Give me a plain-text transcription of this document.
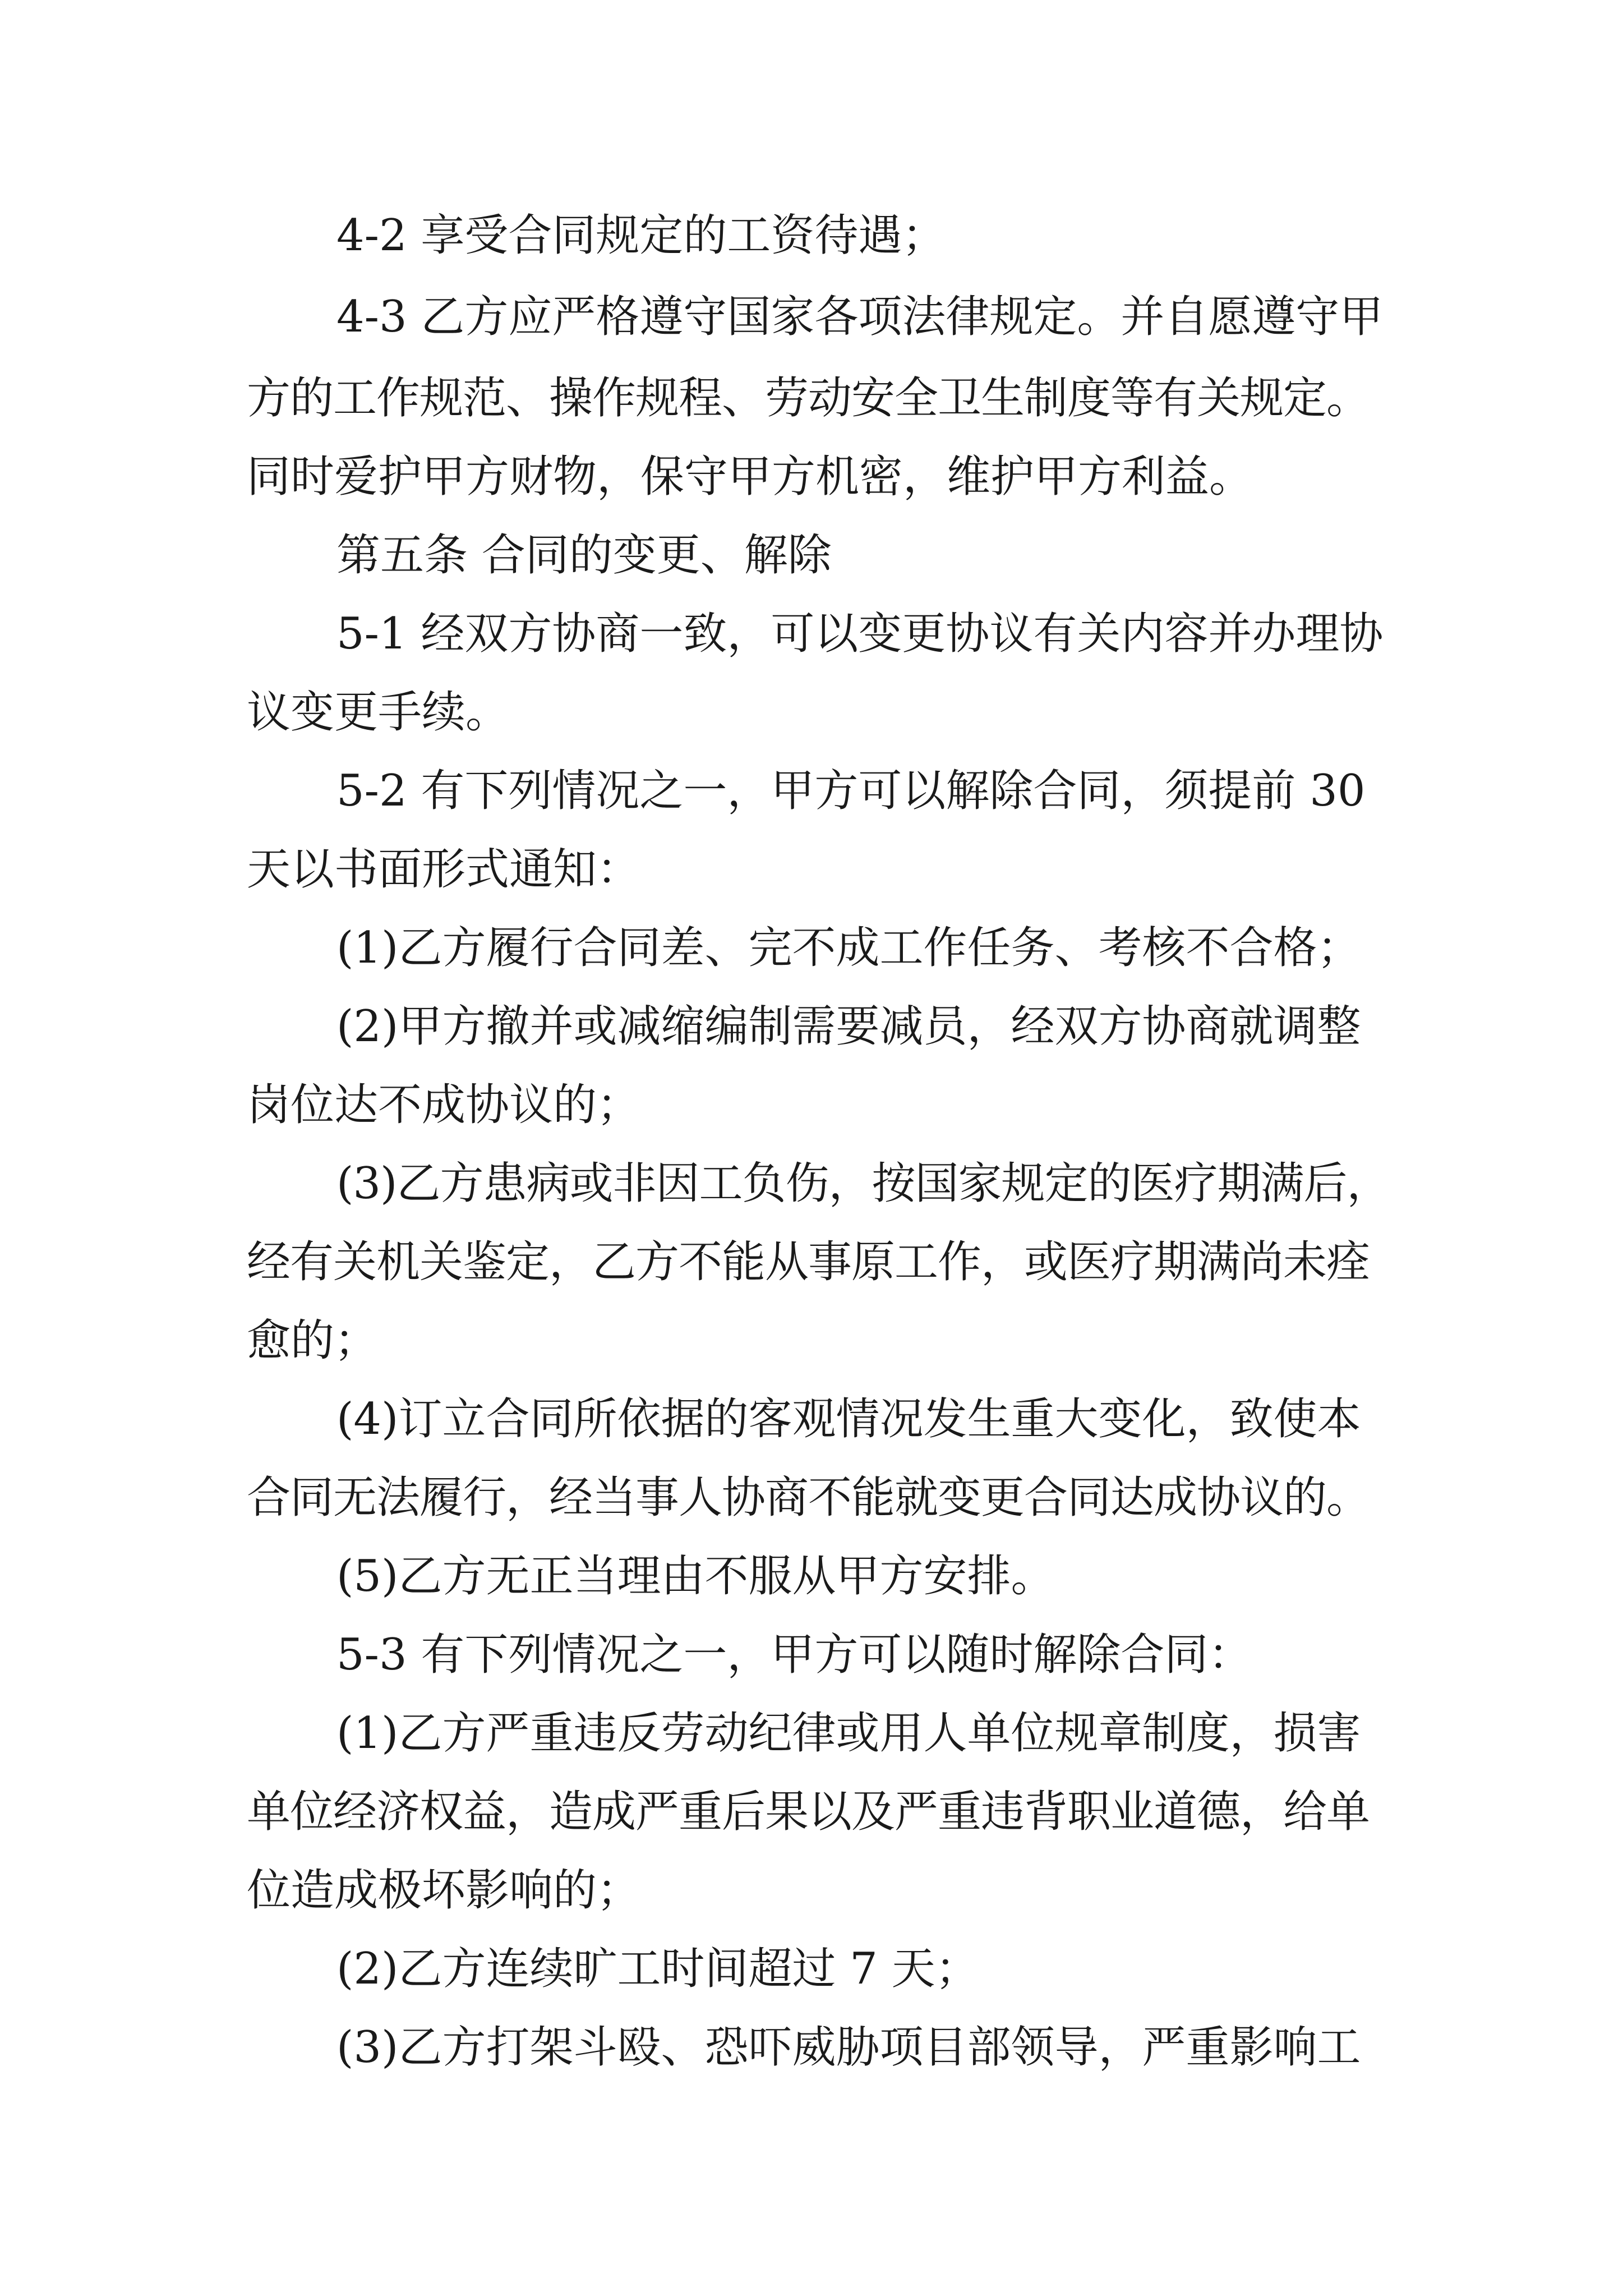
4-2 享受合同规定的工资待遇；
4-3 乙方应严格遵守国家各项法律规定。并自愿遵守甲
方的工作规范、操作规程、劳动安全卫生制度等有关规定。
同时爱护甲方财物，保守甲方机密，维护甲方利益。
第五条 合同的变更、解除
5-1 经双方协商一致，可以变更协议有关内容并办理协
议变更手续。
5-2 有下列情况之一，甲方可以解除合同，须提前 30
天以书面形式通知：
(1)乙方履行合同差、完不成工作任务、考核不合格；
(2)甲方撤并或减缩编制需要减员，经双方协商就调整
岗位达不成协议的；
(3)乙方患病或非因工负伤，按国家规定的医疗期满后，
经有关机关鉴定，乙方不能从事原工作，或医疗期满尚未痊
愈的；
(4)订立合同所依据的客观情况发生重大变化，致使本
合同无法履行，经当事人协商不能就变更合同达成协议的。
(5)乙方无正当理由不服从甲方安排。
5-3 有下列情况之一，甲方可以随时解除合同：
(1)乙方严重违反劳动纪律或用人单位规章制度，损害
单位经济权益，造成严重后果以及严重违背职业道德，给单
位造成极坏影响的；
(2)乙方连续旷工时间超过 7 天；
(3)乙方打架斗殴、恐吓威胁项目部领导，严重影响工
